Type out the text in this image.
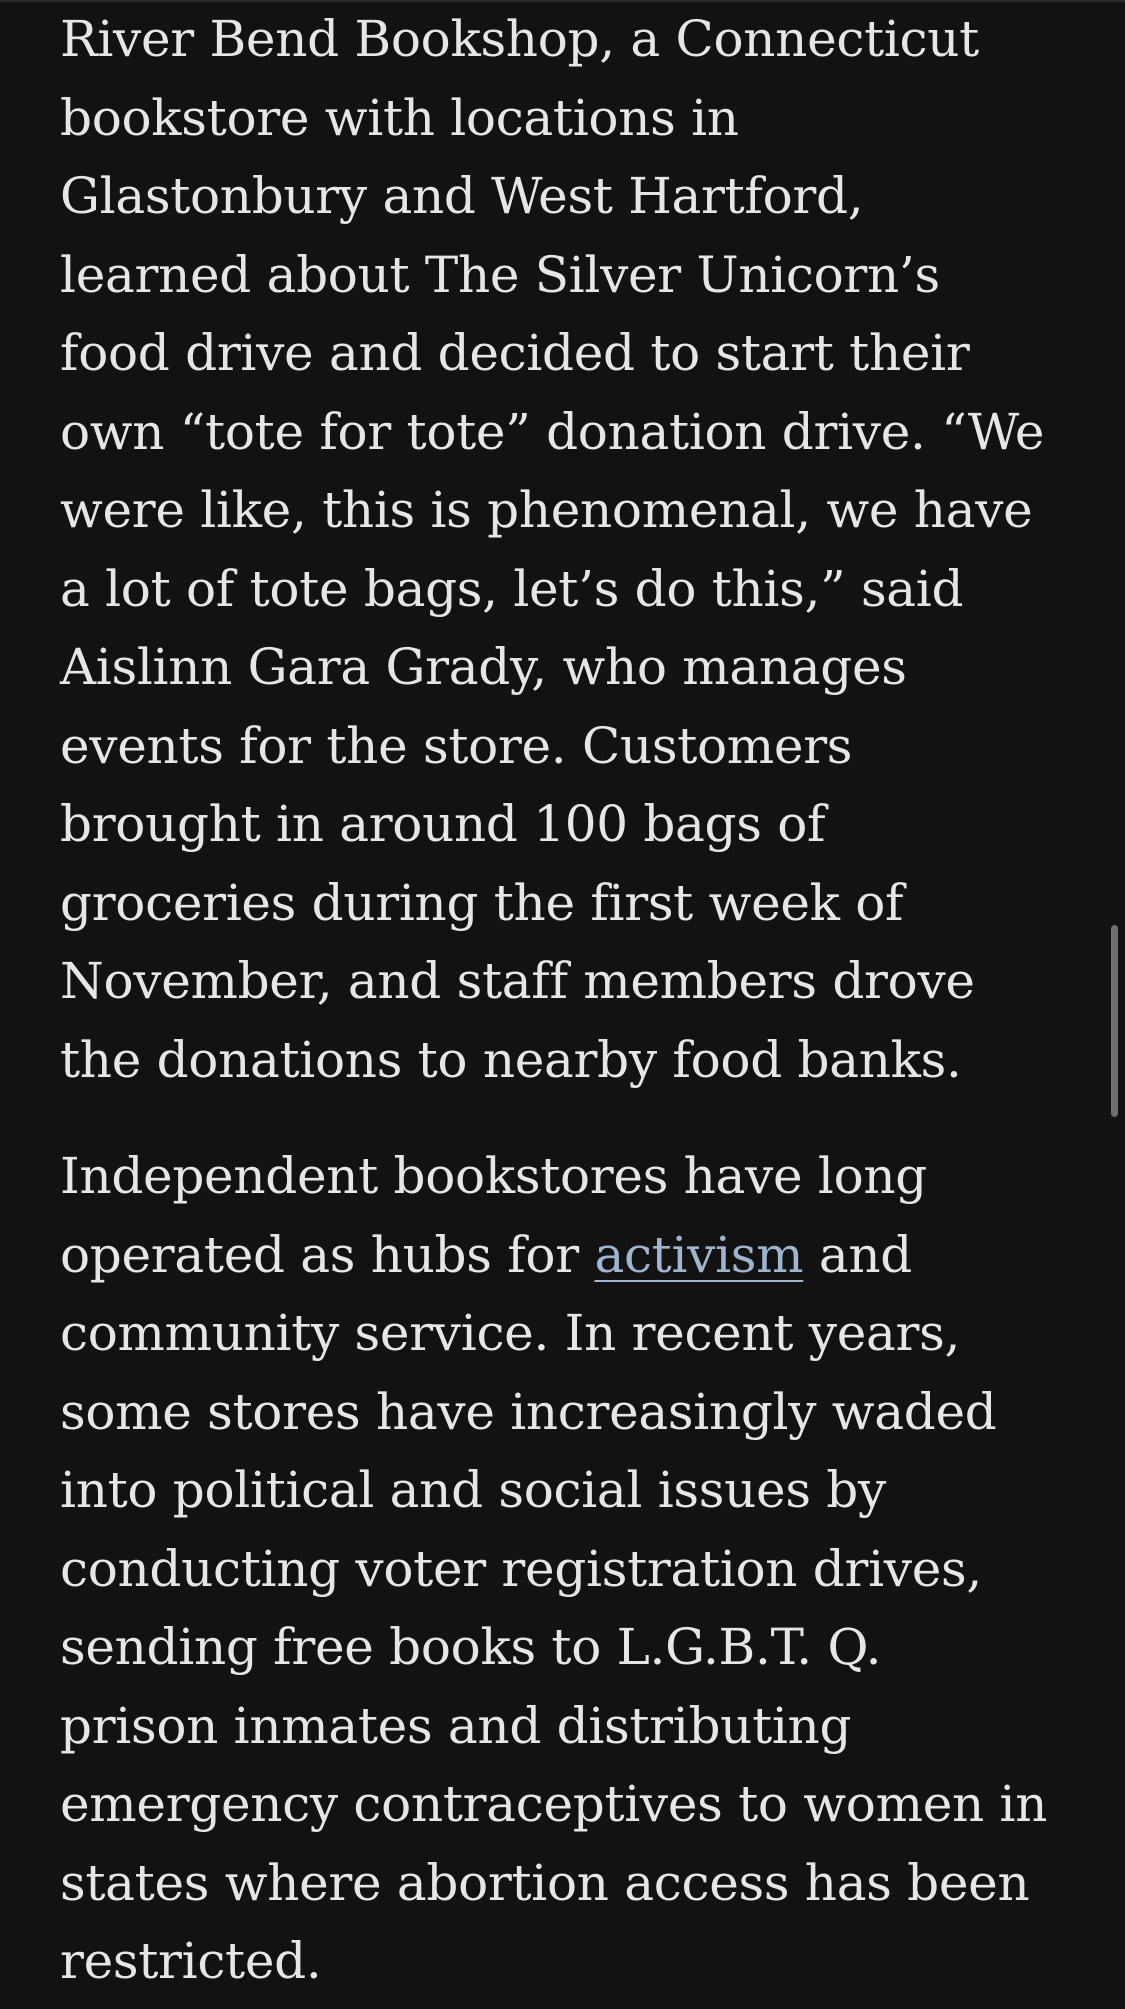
River Bend Bookshop, a Connecticut
bookstore with locations in
Glastonbury and West Hartford,
learned about The Silver Unicorn’s
food drive and decided to start their
own “tote for tote” donation drive. “We
were like, this is phenomenal, we have
a lot of tote bags, let’s do this,” said
Aislinn Gara Grady, who manages
events for the store. Customers
brought in around 100 bags of
groceries during the first week of
November, and staff members drove
the donations to nearby food banks.

Independent bookstores have long
operated as hubs for activism and
community service. In recent years,
some stores have increasingly waded
into political and social issues by
conducting voter registration drives,
sending free books to L.G.B.T. Q.
prison inmates and distributing
emergency contraceptives to women in
states where abortion access has been
restricted.
